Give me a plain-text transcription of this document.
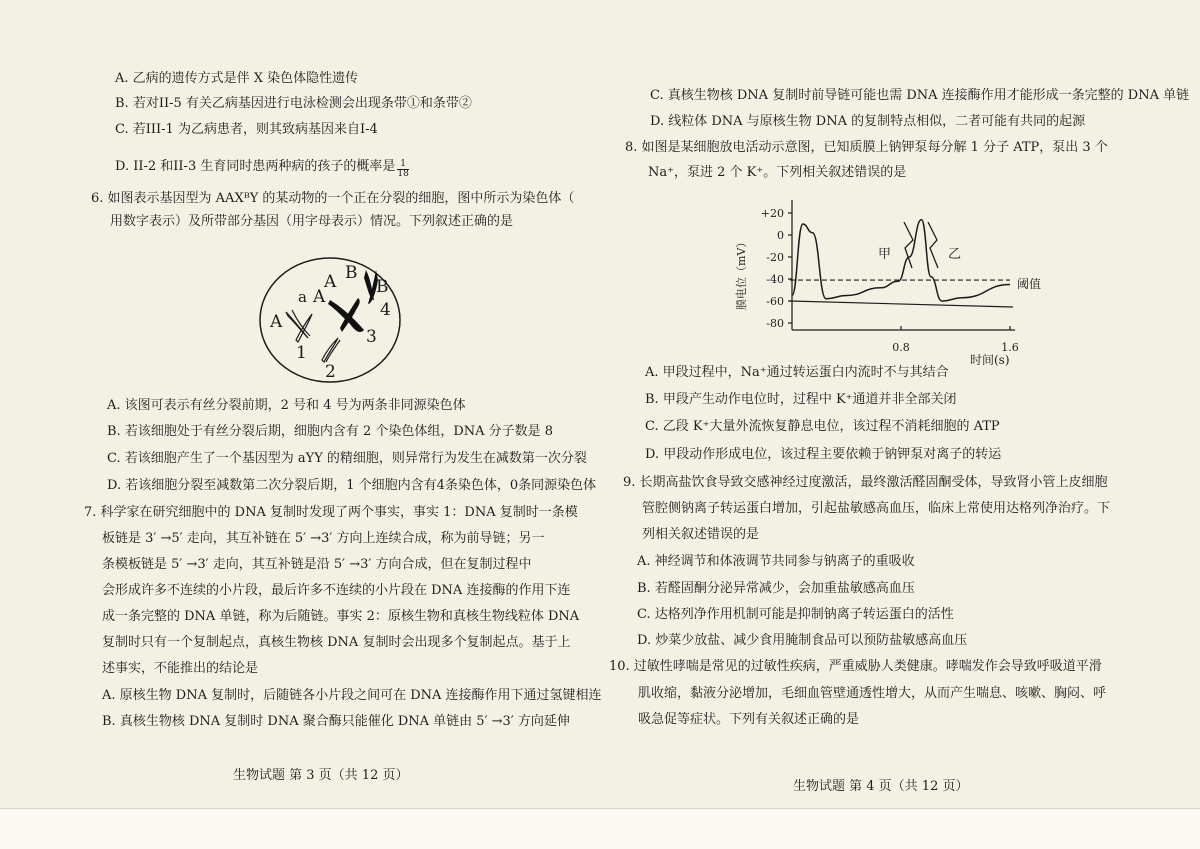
A. 乙病的遗传方式是伴 X 染色体隐性遗传
B. 若对II-5 有关乙病基因进行电泳检测会出现条带①和条带②
C. 若III-1 为乙病患者，则其致病基因来自I-4
6. 如图表示基因型为 AAXᴮY 的某动物的一个正在分裂的细胞，图中所示为染色体（
用数字表示）及所带部分基因（用字母表示）情况。下列叙述正确的是
A. 该图可表示有丝分裂前期，2 号和 4 号为两条非同源染色体
B. 若该细胞处于有丝分裂后期，细胞内含有 2 个染色体组，DNA 分子数是 8
C. 若该细胞产生了一个基因型为 aYY 的精细胞，则异常行为发生在减数第一次分裂
D. 若该细胞分裂至减数第二次分裂后期，1 个细胞内含有4条染色体，0条同源染色体
7. 科学家在研究细胞中的 DNA 复制时发现了两个事实，事实 1：DNA 复制时一条模
板链是 3′ →5′ 走向，其互补链在 5′ →3′ 方向上连续合成，称为前导链；另一
条模板链是 5′ →3′ 走向，其互补链是沿 5′ →3′ 方向合成，但在复制过程中
会形成许多不连续的小片段，最后许多不连续的小片段在 DNA 连接酶的作用下连
成一条完整的 DNA 单链，称为后随链。事实 2：原核生物和真核生物线粒体 DNA
复制时只有一个复制起点，真核生物核 DNA 复制时会出现多个复制起点。基于上
述事实，不能推出的结论是
A. 原核生物 DNA 复制时，后随链各小片段之间可在 DNA 连接酶作用下通过氢键相连
B. 真核生物核 DNA 复制时 DNA 聚合酶只能催化 DNA 单链由 5′ →3′ 方向延伸
D. II-2 和II-3 生育同时患两种病的孩子的概率是 $\frac{1}{18}$
A
a A
A B
B
4
3
1
2
+20
0
-20
-40
-60
-80
0.8	1.6
甲	乙
阈值
膜电位（mV）
时间(s)
C. 真核生物核 DNA 复制时前导链可能也需 DNA 连接酶作用才能形成一条完整的 DNA 单链
D. 线粒体 DNA 与原核生物 DNA 的复制特点相似，二者可能有共同的起源
8. 如图是某细胞放电活动示意图，已知质膜上钠钾泵每分解 1 分子 ATP，泵出 3 个
Na⁺，泵进 2 个 K⁺。下列相关叙述错误的是
A. 甲段过程中，Na⁺通过转运蛋白内流时不与其结合
B. 甲段产生动作电位时，过程中 K⁺通道并非全部关闭
C. 乙段 K⁺大量外流恢复静息电位，该过程不消耗细胞的 ATP
D. 甲段动作形成电位，该过程主要依赖于钠钾泵对离子的转运
9. 长期高盐饮食导致交感神经过度激活，最终激活醛固酮受体，导致肾小管上皮细胞
管腔侧钠离子转运蛋白增加，引起盐敏感高血压，临床上常使用达格列净治疗。下
列相关叙述错误的是
A. 神经调节和体液调节共同参与钠离子的重吸收
B. 若醛固酮分泌异常减少，会加重盐敏感高血压
C. 达格列净作用机制可能是抑制钠离子转运蛋白的活性
D. 炒菜少放盐、减少食用腌制食品可以预防盐敏感高血压
10. 过敏性哮喘是常见的过敏性疾病，严重威胁人类健康。哮喘发作会导致呼吸道平滑
肌收缩，黏液分泌增加，毛细血管壁通透性增大，从而产生喘息、咳嗽、胸闷、呼
吸急促等症状。下列有关叙述正确的是
生物试题 第 3 页（共 12 页）
生物试题 第 4 页（共 12 页）
